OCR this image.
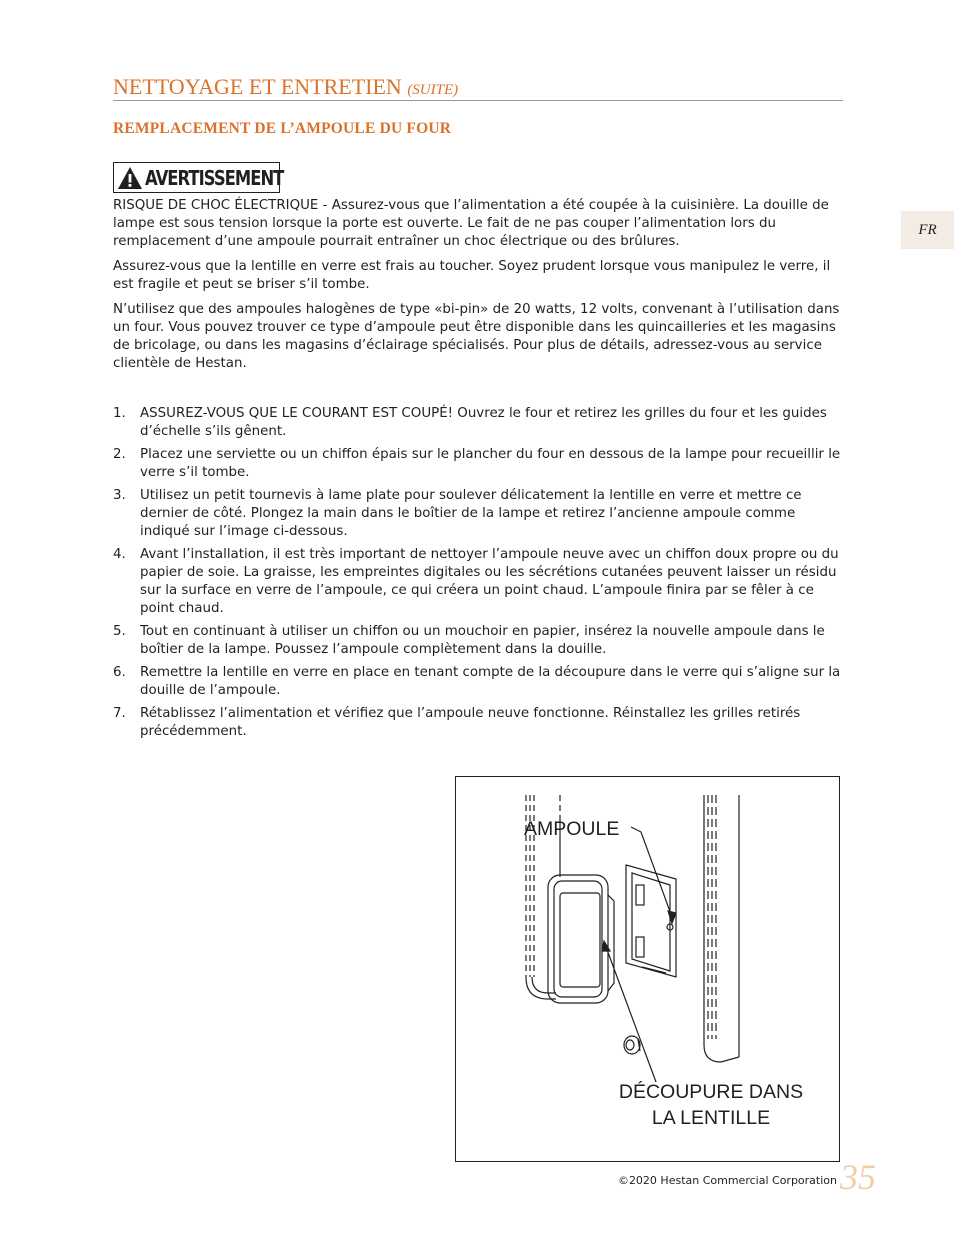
NETTOYAGE ET ENTRETIEN (SUITE)
REMPLACEMENT DE L’AMPOULE DU FOUR
AVERTISSEMENT

RISQUE DE CHOC ÉLECTRIQUE - Assurez-vous que l’alimentation a été coupée à la cuisinière. La douille de lampe est sous tension lorsque la porte est ouverte. Le fait de ne pas couper l’alimentation lors du remplacement d’une ampoule pourrait entraîner un choc électrique ou des brûlures.

Assurez-vous que la lentille en verre est frais au toucher. Soyez prudent lorsque vous manipulez le verre, il est fragile et peut se briser s’il tombe.

N’utilisez que des ampoules halogènes de type «bi-pin» de 20 watts, 12 volts, convenant à l’utilisation dans un four. Vous pouvez trouver ce type d’ampoule peut être disponible dans les quincailleries et les magasins de bricolage, ou dans les magasins d’éclairage spécialisés. Pour plus de détails, adressez-vous au service clientèle de Hestan.

1. ASSUREZ-VOUS QUE LE COURANT EST COUPÉ! Ouvrez le four et retirez les grilles du four et les guides d’échelle s’ils gênent.
2. Placez une serviette ou un chiffon épais sur le plancher du four en dessous de la lampe pour recueillir le verre s’il tombe.
3. Utilisez un petit tournevis à lame plate pour soulever délicatement la lentille en verre et mettre ce dernier de côté. Plongez la main dans le boîtier de la lampe et retirez l’ancienne ampoule comme indiqué sur l’image ci-dessous.
4. Avant l’installation, il est très important de nettoyer l’ampoule neuve avec un chiffon doux propre ou du papier de soie. La graisse, les empreintes digitales ou les sécrétions cutanées peuvent laisser un résidu sur la surface en verre de l’ampoule, ce qui créera un point chaud. L’ampoule finira par se fêler à ce point chaud.
5. Tout en continuant à utiliser un chiffon ou un mouchoir en papier, insérez la nouvelle ampoule dans le boîtier de la lampe. Poussez l’ampoule complètement dans la douille.
6. Remettre la lentille en verre en place en tenant compte de la découpure dans le verre qui s’aligne sur la douille de l’ampoule.
7. Rétablissez l’alimentation et vérifiez que l’ampoule neuve fonctionne. Réinstallez les grilles retirés précédemment.
FR
AMPOULE
DÉCOUPURE DANS
LA LENTILLE
©2020 Hestan Commercial Corporation 35
